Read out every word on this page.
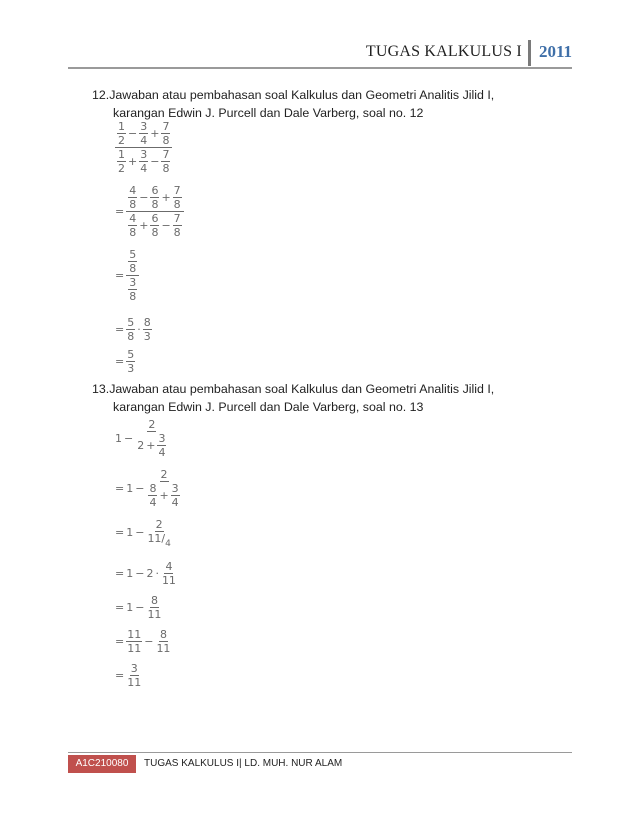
TUGAS KALKULUS I	2011
12.Jawaban atau pembahasan soal Kalkulus dan Geometri Analitis Jilid I,
karangan Edwin J. Purcell dan Dale Varberg, soal no. 12
$\frac{\frac{1}{2} - \frac{3}{4} + \frac{7}{8}}{\frac{1}{2} + \frac{3}{4} - \frac{7}{8}}$
= $\frac{\frac{4}{8} - \frac{6}{8} + \frac{7}{8}}{\frac{4}{8} + \frac{6}{8} - \frac{7}{8}}$
= $\frac{\frac{5}{8}}{\frac{3}{8}}$
= $\frac{5}{8} \cdot \frac{8}{3}$
= $\frac{5}{3}$
13.Jawaban atau pembahasan soal Kalkulus dan Geometri Analitis Jilid I,
karangan Edwin J. Purcell dan Dale Varberg, soal no. 13
$1 - \frac{2}{2 + \frac{3}{4}}$
= $1 - \frac{2}{\frac{8}{4} + \frac{3}{4}}$
= $1 - \frac{2}{11/_4}$
= $1 - 2 \cdot \frac{4}{11}$
= $1 - \frac{8}{11}$
= $\frac{11}{11} - \frac{8}{11}$
= $\frac{3}{11}$
A1C210080	TUGAS KALKULUS I| LD. MUH. NUR ALAM
